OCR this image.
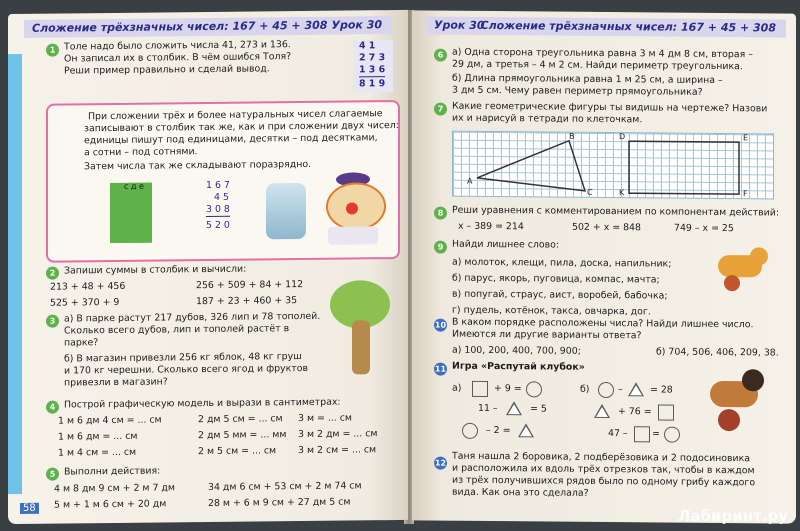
Сложение трёхзначных чисел: 167 + 45 + 308 Урок 30
1 Толе надо было сложить числа 41, 273 и 136.
Он записал их в столбик. В чём ошибся Толя?
Реши пример правильно и сделай вывод.
4 1
2 7 3
1 3 6
8 1 9
При сложении трёх и более натуральных чисел слагаемые
записывают в столбик так же, как и при сложении двух чисел:
единицы пишут под единицами, десятки – под десятками,
а сотни – под сотнями.
Затем числа так же складывают поразрядно.
с д е	1 6 7
4 5
3 0 8
5 2 0
2 Запиши суммы в столбик и вычисли:
213 + 48 + 456	256 + 509 + 84 + 112
525 + 370 + 9	187 + 23 + 460 + 35
3 а) В парке растут 217 дубов, 326 лип и 78 тополей.
Сколько всего дубов, лип и тополей растёт в
парке?
б) В магазин привезли 256 кг яблок, 48 кг груш
и 170 кг черешни. Сколько всего ягод и фруктов
привезли в магазин?
4 Построй графическую модель и вырази в сантиметрах:
1 м 6 дм 4 см = ... см	2 дм 5 см = ... см 3 м = ... см
1 м 6 дм = ... см	2 дм 5 мм = ... мм 3 м 2 дм = ... см
1 м 4 см = ... см	2 м 5 см = ... см 3 м 2 см = ... см
5 Выполни действия:
4 м 8 дм 9 см + 2 м 7 дм	34 дм 6 см + 53 см + 2 м 74 см
5 м + 1 м 6 см + 20 дм	28 м + 6 м 9 см + 27 дм 5 см
58
Урок 30
Сложение трёхзначных чисел: 167 + 45 + 308
6 а) Одна сторона треугольника равна 3 м 4 дм 8 см, вторая –
29 дм, а третья – 4 м 2 см. Найди периметр треугольника.
б) Длина прямоугольника равна 1 м 25 см, а ширина –
3 дм 5 см. Чему равен периметр прямоугольника?
7 Какие геометрические фигуры ты видишь на чертеже? Назови
их и нарисуй в тетради по клеточкам.
A
B
C
D	E
K	F
8 Реши уравнения с комментированием по компонентам действий:
x – 389 = 214	502 + x = 848	749 – x = 25
9 Найди лишнее слово:
а) молоток, клещи, пила, доска, напильник;
б) парус, якорь, пуговица, компас, мачта;
в) попугай, страус, аист, воробей, бабочка;
г) пудель, котёнок, такса, овчарка, дог.
10 В каком порядке расположены числа? Найди лишнее число.
Имеются ли другие варианты ответа?
а) 100, 200, 400, 700, 900;	б) 704, 506, 406, 209, 38.
11 Игра «Распутай клубок»
а)	+ 9 =
11 –	= 5
– 2 =
б)	–	= 28
+ 76 =
47 –	=
12 Таня нашла 2 боровика, 2 подберёзовика и 2 подосиновика
и расположила их вдоль трёх отрезков так, чтобы в каждом
из трёх получившихся рядов было по одному грибу каждого
вида. Как она это сделала?
Лабиринт.ру
